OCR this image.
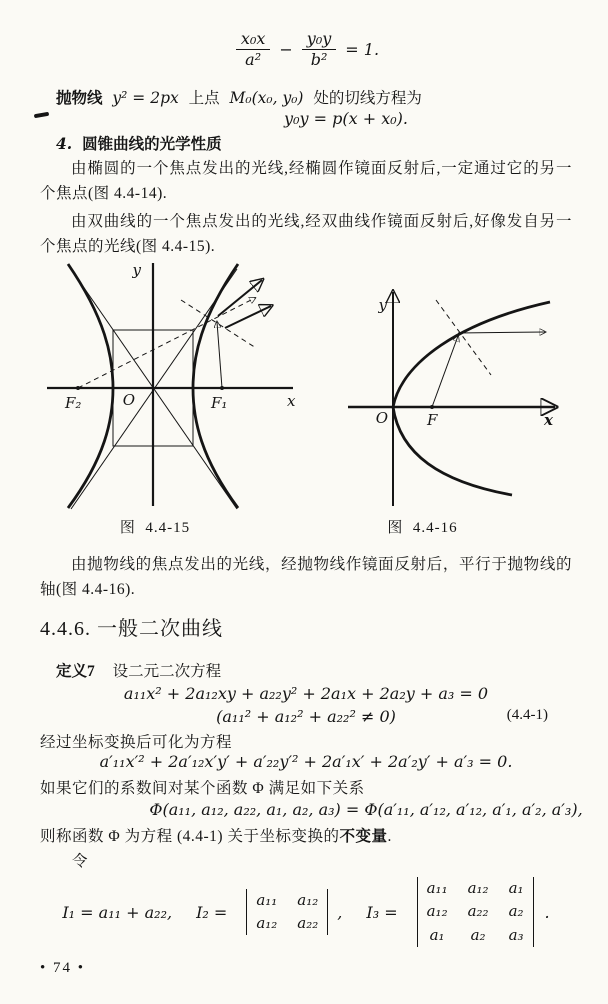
$\frac{\text{x₀x}}{\text{a²}} - \frac{\text{y₀y}}{\text{b²}} = 1$.
抛物线 y² = 2px 上点 M₀(x₀, y₀) 处的切线方程为
y₀y = p(x + x₀).
4. 圆锥曲线的光学性质
由椭圆的一个焦点发出的光线,经椭圆作镜面反射后,一定通过它的另一个焦点(图 4.4-14).
由双曲线的一个焦点发出的光线,经双曲线作镜面反射后,好像发自另一个焦点的光线(图 4.4-15).
y
x
O
F₂	F₁
图  4.4-15
y
x
O	F
图  4.4-16
由抛物线的焦点发出的光线，经抛物线作镜面反射后，平行于抛物线的轴(图 4.4-16).
4.4.6. 一般二次曲线
定义7 设二元二次方程
a₁₁x² + 2a₁₂xy + a₂₂y² + 2a₁x + 2a₂y + a₃ = 0
(a₁₁² + a₁₂² + a₂₂² ≠ 0)	(4.4-1)
经过坐标变换后可化为方程
a′₁₁x′² + 2a′₁₂x′y′ + a′₂₂y′² + 2a′₁x′ + 2a′₂y′ + a′₃ = 0.
如果它们的系数间对某个函数 Φ 满足如下关系
Φ(a₁₁, a₁₂, a₂₂, a₁, a₂, a₃) = Φ(a′₁₁, a′₁₂, a′₁₂, a′₁, a′₂, a′₃),
则称函数 Φ 为方程 (4.4-1) 关于坐标变换的不变量.
令
I₁ = a₁₁ + a₂₂, I₂ =
a₁₁ a₁₂
a₁₂ a₂₂
, I₃ =
a₁₁ a₁₂ a₁
a₁₂ a₂₂ a₂
a₁ a₂ a₃
.
• 74 •
